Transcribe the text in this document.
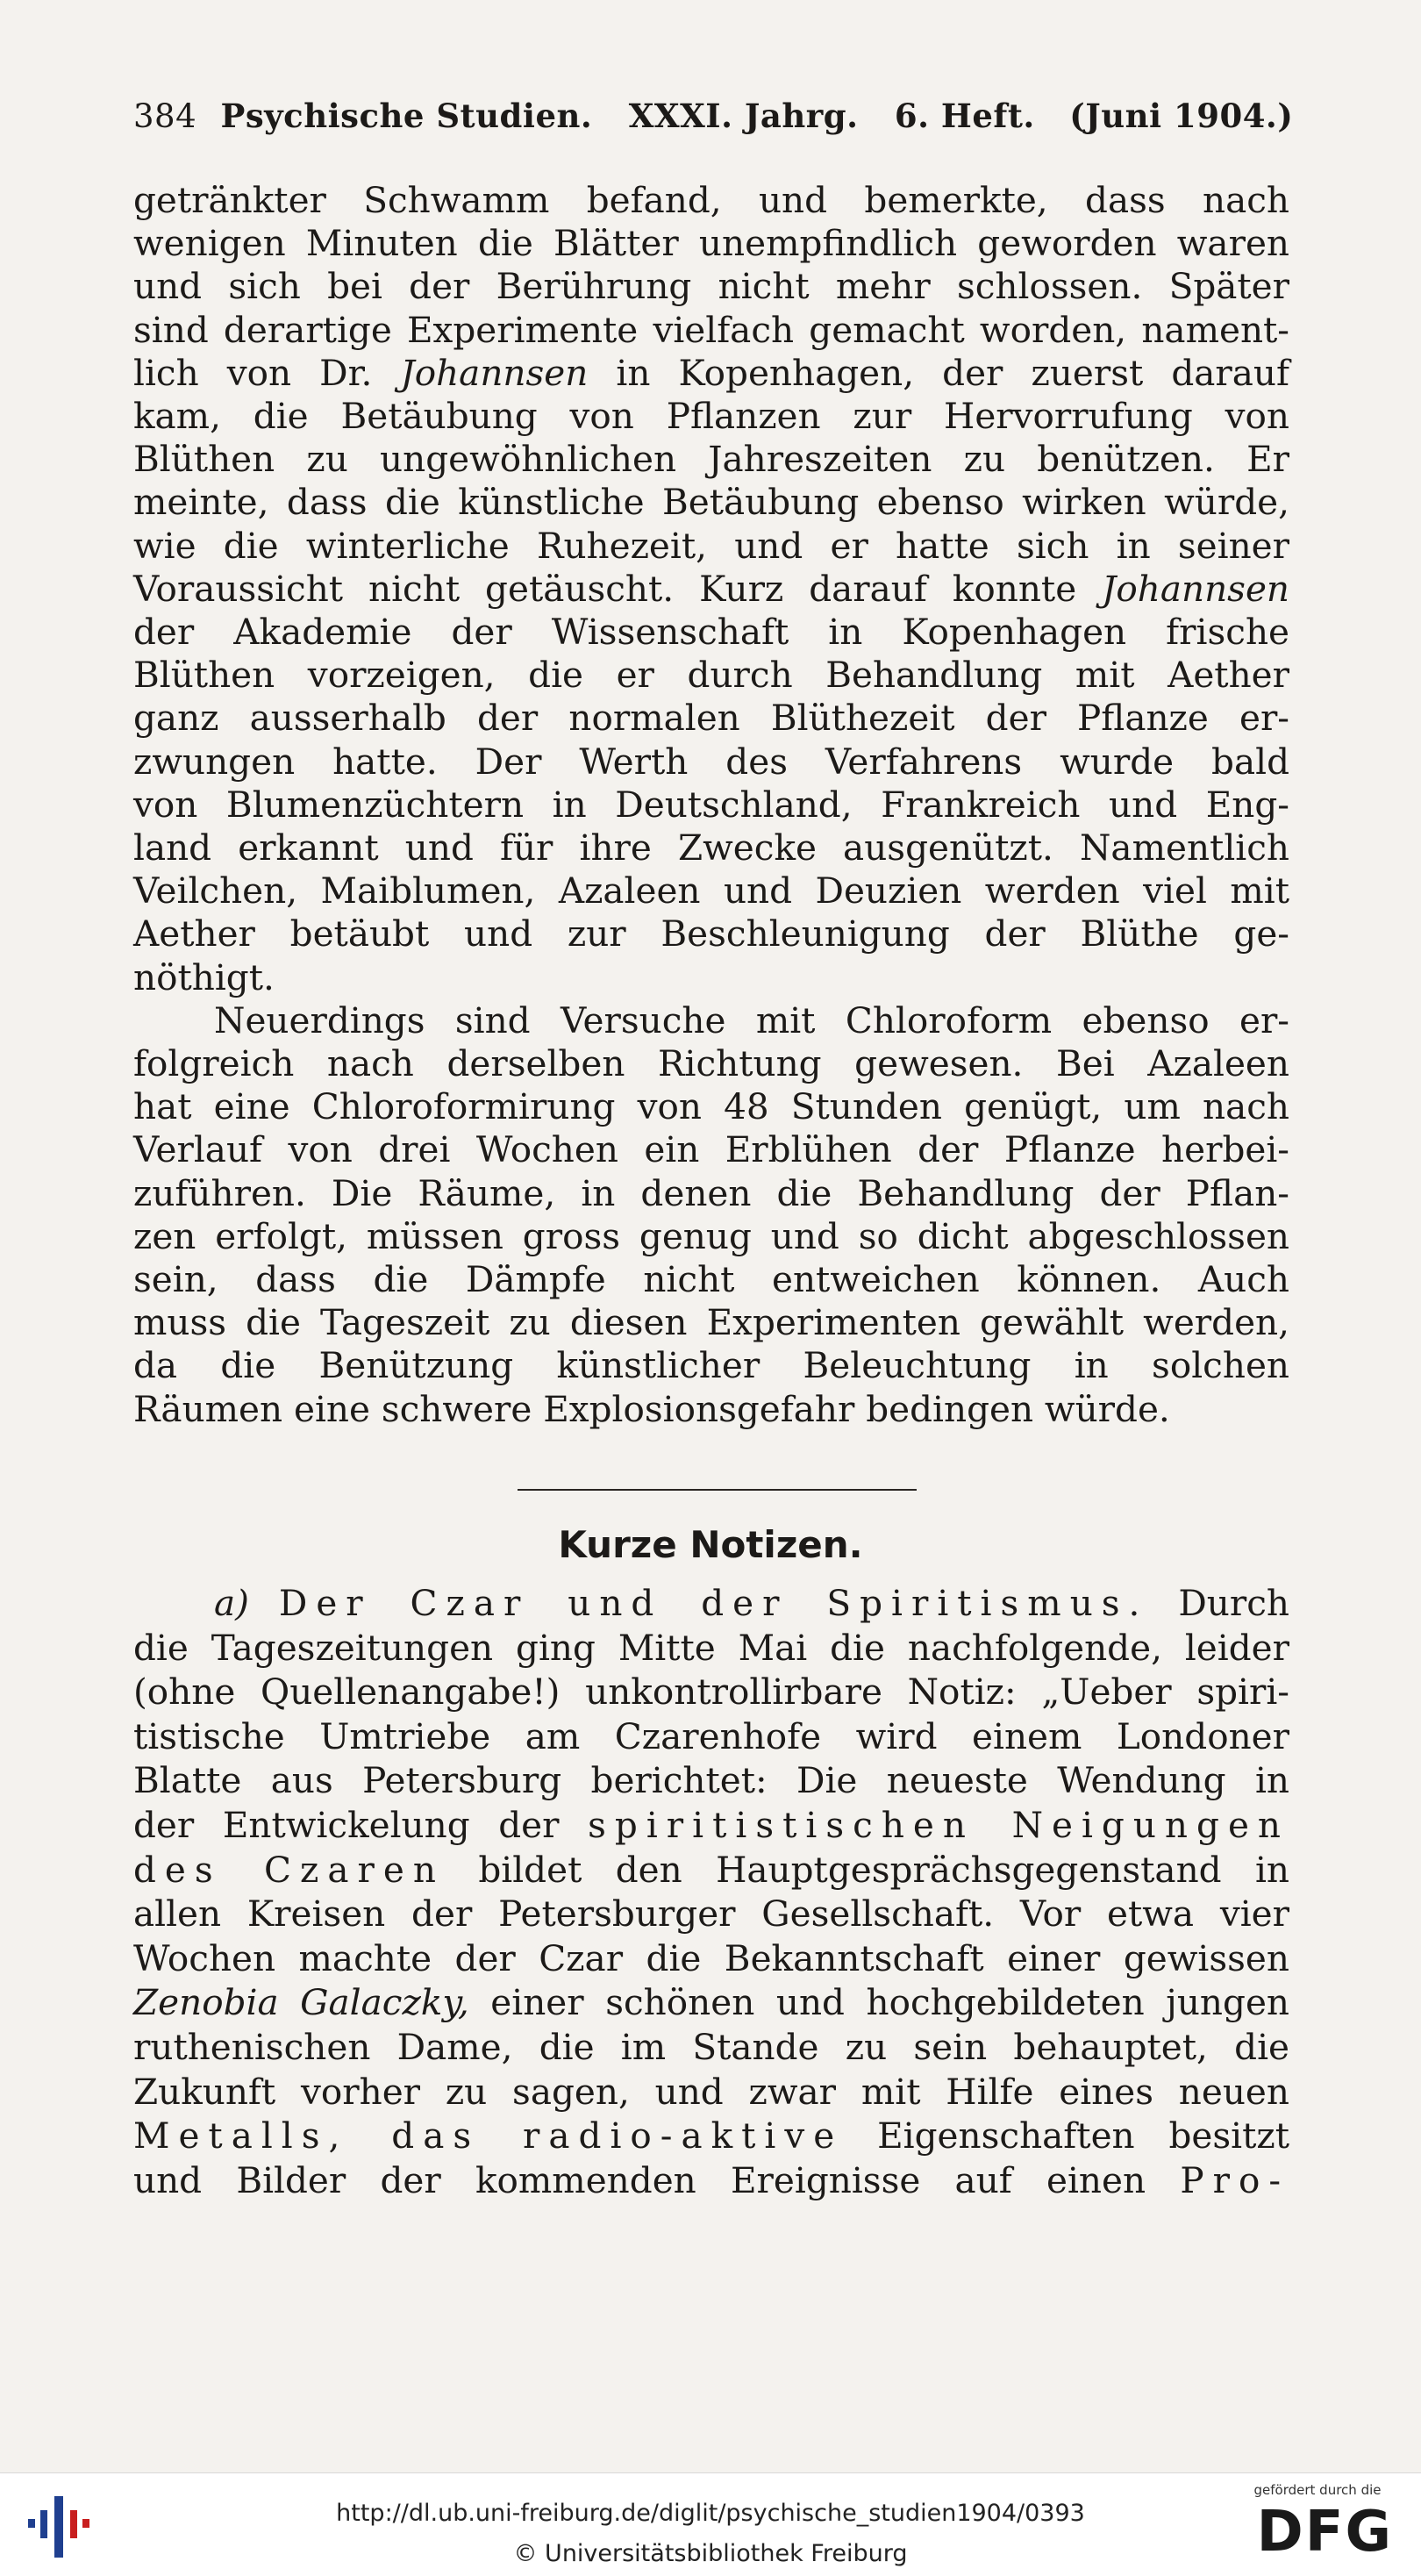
384 Psychische Studien. XXXI. Jahrg. 6. Heft. (Juni 1904.)
getränkter Schwamm befand, und bemerkte, dass nach
wenigen Minuten die Blätter unempfindlich geworden waren
und sich bei der Berührung nicht mehr schlossen. Später
sind derartige Experimente vielfach gemacht worden, nament-
lich von Dr. Johannsen in Kopenhagen, der zuerst darauf
kam, die Betäubung von Pflanzen zur Hervorrufung von
Blüthen zu ungewöhnlichen Jahreszeiten zu benützen. Er
meinte, dass die künstliche Betäubung ebenso wirken würde,
wie die winterliche Ruhezeit, und er hatte sich in seiner
Voraussicht nicht getäuscht. Kurz darauf konnte Johannsen
der Akademie der Wissenschaft in Kopenhagen frische
Blüthen vorzeigen, die er durch Behandlung mit Aether
ganz ausserhalb der normalen Blüthezeit der Pflanze er-
zwungen hatte. Der Werth des Verfahrens wurde bald
von Blumenzüchtern in Deutschland, Frankreich und Eng-
land erkannt und für ihre Zwecke ausgenützt. Namentlich
Veilchen, Maiblumen, Azaleen und Deuzien werden viel mit
Aether betäubt und zur Beschleunigung der Blüthe ge-
nöthigt.
Neuerdings sind Versuche mit Chloroform ebenso er-
folgreich nach derselben Richtung gewesen. Bei Azaleen
hat eine Chloroformirung von 48 Stunden genügt, um nach
Verlauf von drei Wochen ein Erblühen der Pflanze herbei-
zuführen. Die Räume, in denen die Behandlung der Pflan-
zen erfolgt, müssen gross genug und so dicht abgeschlossen
sein, dass die Dämpfe nicht entweichen können. Auch
muss die Tageszeit zu diesen Experimenten gewählt werden,
da die Benützung künstlicher Beleuchtung in solchen
Räumen eine schwere Explosionsgefahr bedingen würde.
Kurze Notizen.
a) Der Czar und der Spiritismus. Durch
die Tageszeitungen ging Mitte Mai die nachfolgende, leider
(ohne Quellenangabe!) unkontrollirbare Notiz: „Ueber spiri-
tistische Umtriebe am Czarenhofe wird einem Londoner
Blatte aus Petersburg berichtet: Die neueste Wendung in
der Entwickelung der spiritistischen Neigungen
des Czaren bildet den Hauptgesprächsgegenstand in
allen Kreisen der Petersburger Gesellschaft. Vor etwa vier
Wochen machte der Czar die Bekanntschaft einer gewissen
Zenobia Galaczky, einer schönen und hochgebildeten jungen
ruthenischen Dame, die im Stande zu sein behauptet, die
Zukunft vorher zu sagen, und zwar mit Hilfe eines neuen
Metalls, das radio-aktive Eigenschaften besitzt
und Bilder der kommenden Ereignisse auf einen Pro-
http://dl.ub.uni-freiburg.de/diglit/psychische_studien1904/0393
© Universitätsbibliothek Freiburg
gefördert durch die
DFG
